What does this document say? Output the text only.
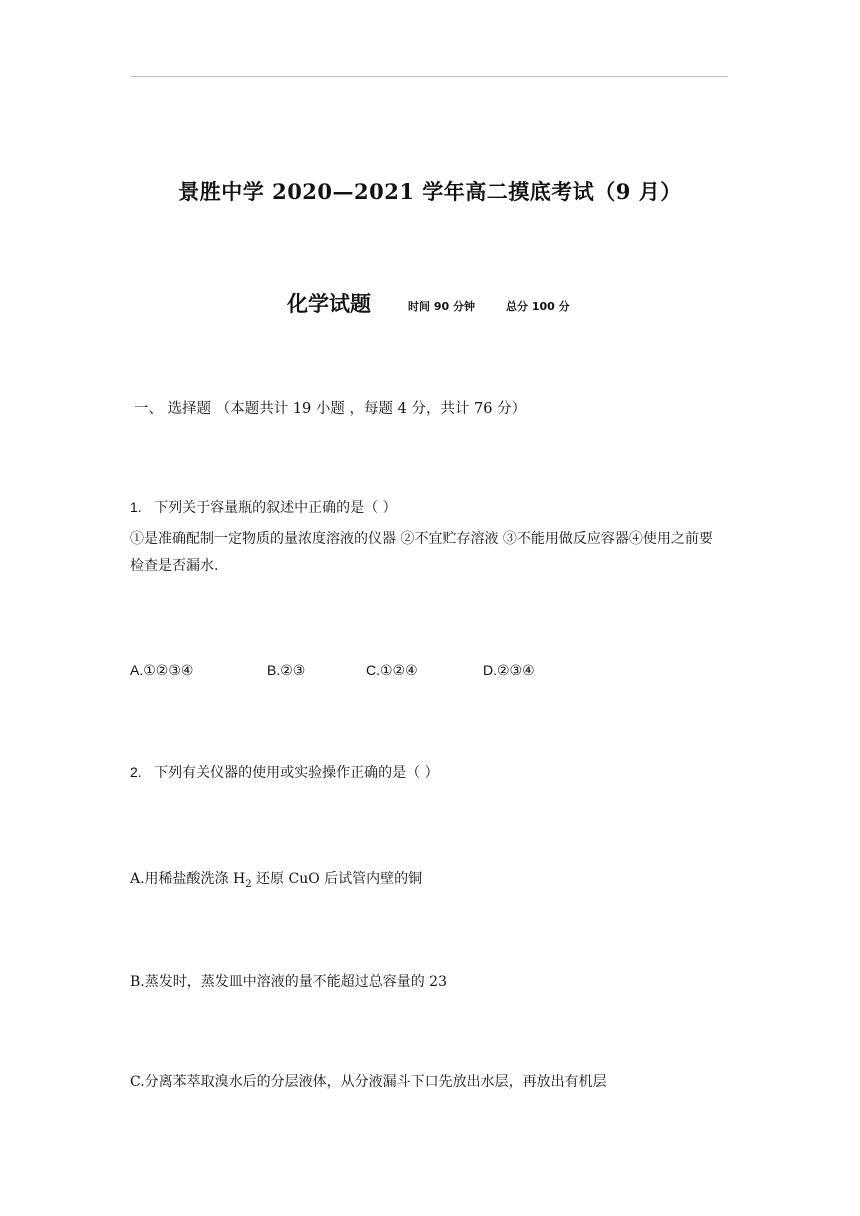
景胜中学 2020—2021 学年高二摸底考试（9 月）
化学试题	时间 90 分钟	总分 100 分
一、 选择题 （本题共计 19 小题 ，每题 4 分，共计 76 分）
1. 下列关于容量瓶的叙述中正确的是（ ）
①是准确配制一定物质的量浓度溶液的仪器 ②不宜贮存溶液 ③不能用做反应容器④使用之前要检查是否漏水.
A.①②③④	B.②③	C.①②④	D.②③④
2. 下列有关仪器的使用或实验操作正确的是（ ）
A.用稀盐酸洗涤 $H_2$ 还原 CuO 后试管内壁的铜
B.蒸发时，蒸发皿中溶液的量不能超过总容量的 23
C.分离苯萃取溴水后的分层液体，从分液漏斗下口先放出水层，再放出有机层
